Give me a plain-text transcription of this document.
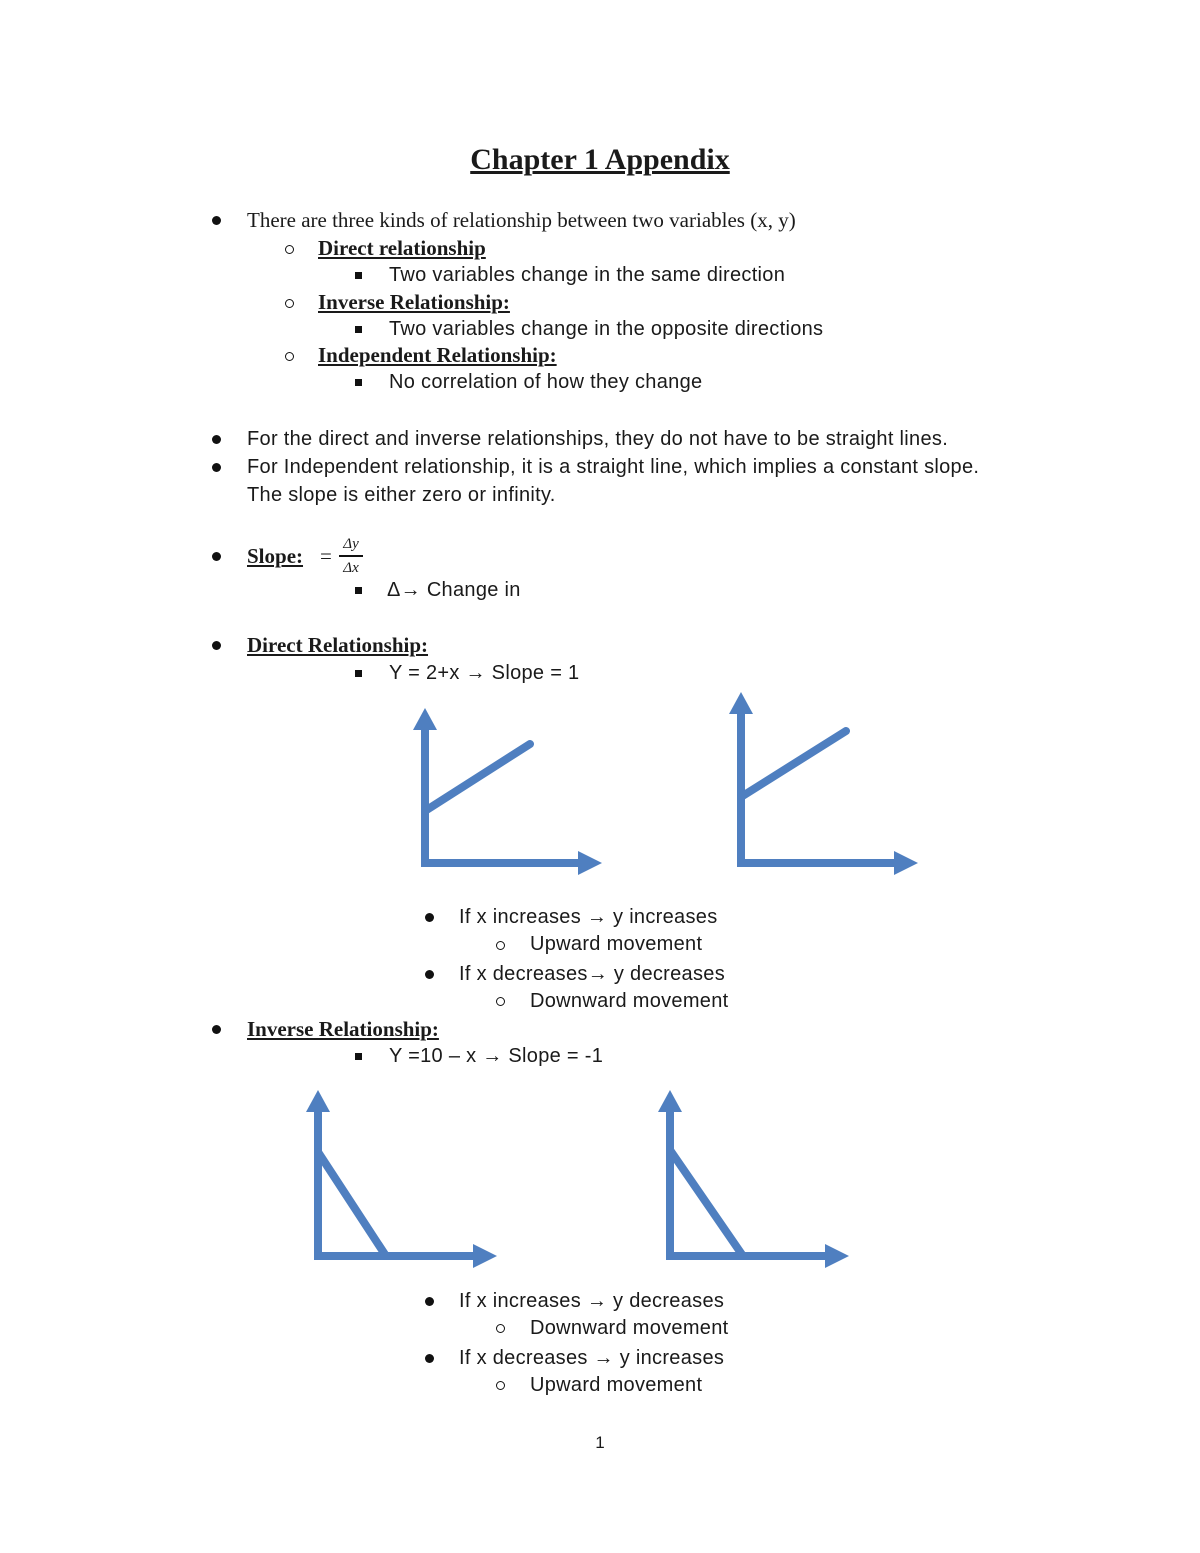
Chapter 1 Appendix
There are three kinds of relationship between two variables (x, y)
Direct relationship
Two variables change in the same direction
Inverse Relationship:
Two variables change in the opposite directions
Independent Relationship:
No correlation of how they change
For the direct and inverse relationships, they do not have to be straight lines.
For Independent relationship, it is a straight line, which implies a constant slope.
The slope is either zero or infinity.
Slope: = Δy
Δx
Δ→ Change in
Direct Relationship:
Y = 2+x → Slope = 1
If x increases → y increases
Upward movement
If x decreases→ y decreases
Downward movement
Inverse Relationship:
Y =10 – x → Slope = -1
If x increases → y decreases
Downward movement
If x decreases → y increases
Upward movement
1
